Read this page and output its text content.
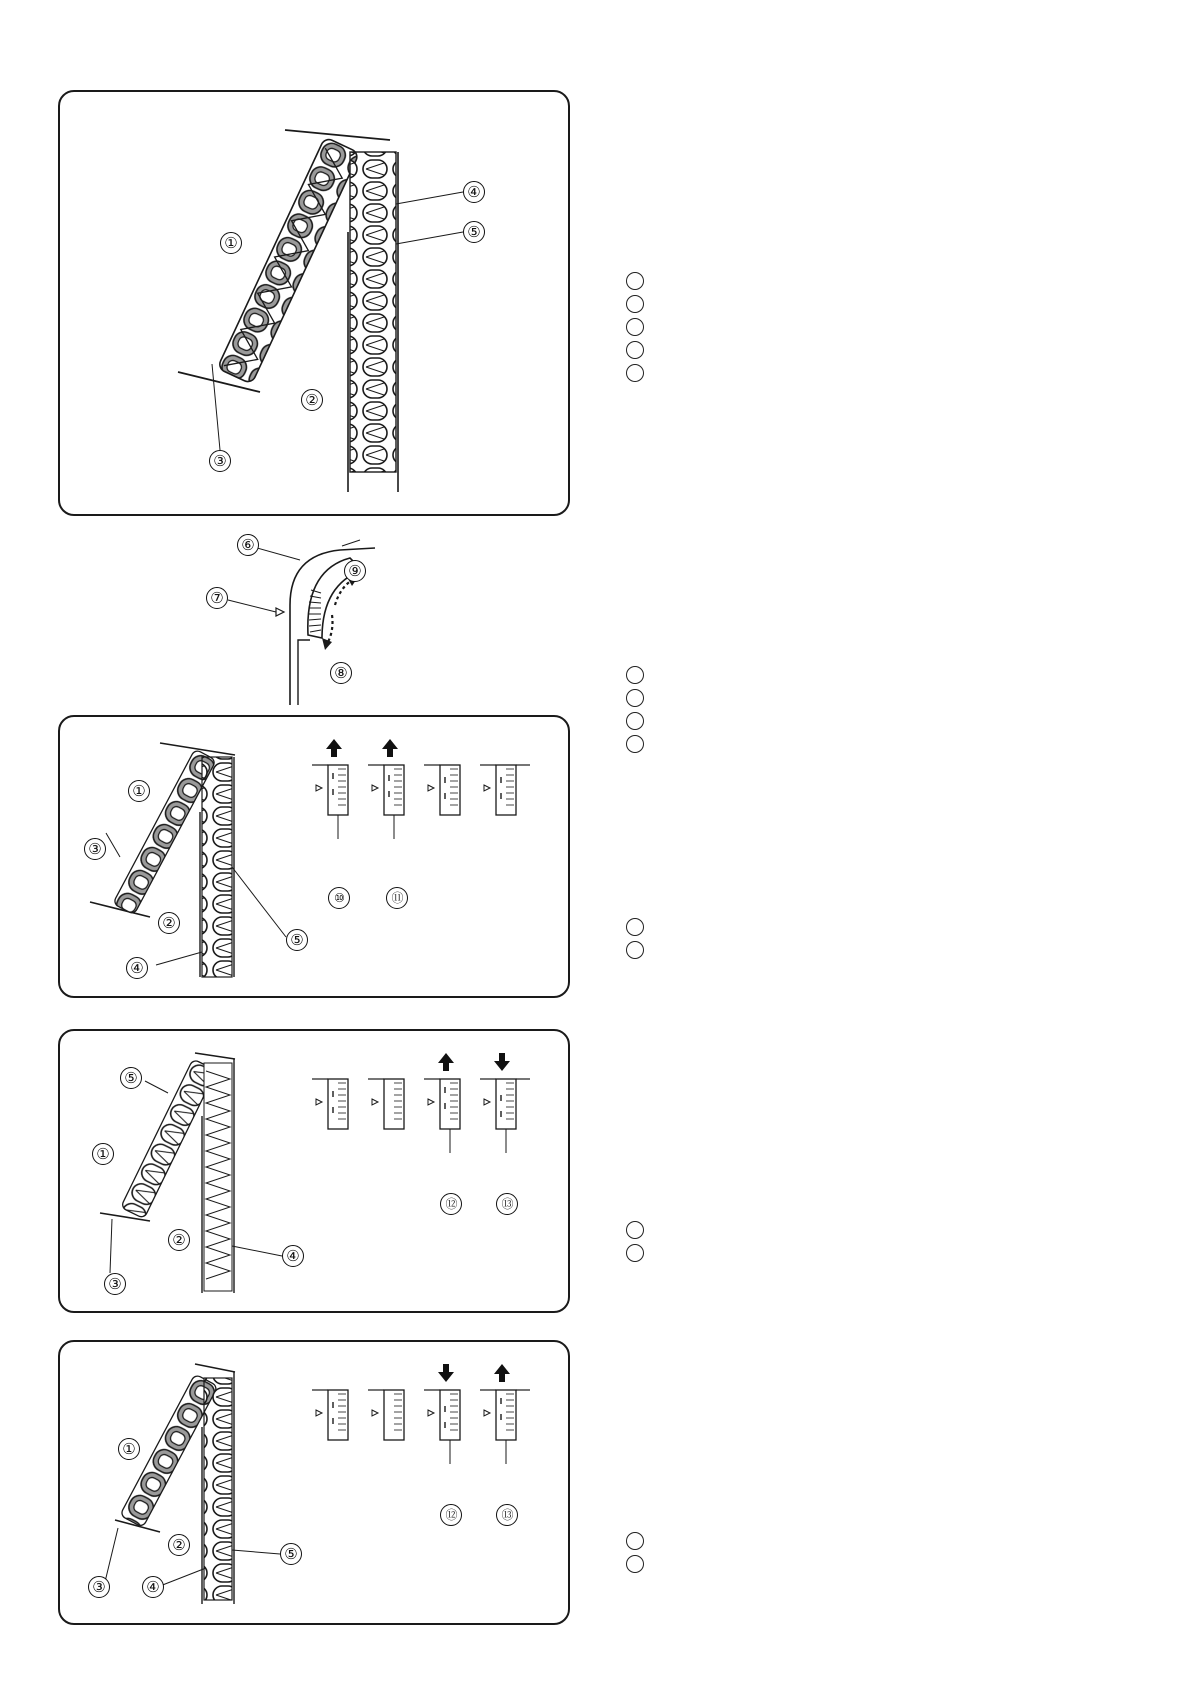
①
②
③
④
⑤
⑥
⑦
⑧
⑨
①
③
②
⑤
④
⑩	⑪
⑤
①
②
④
③
⑫	⑬
①
②	⑤
③	④
⑫	⑬
